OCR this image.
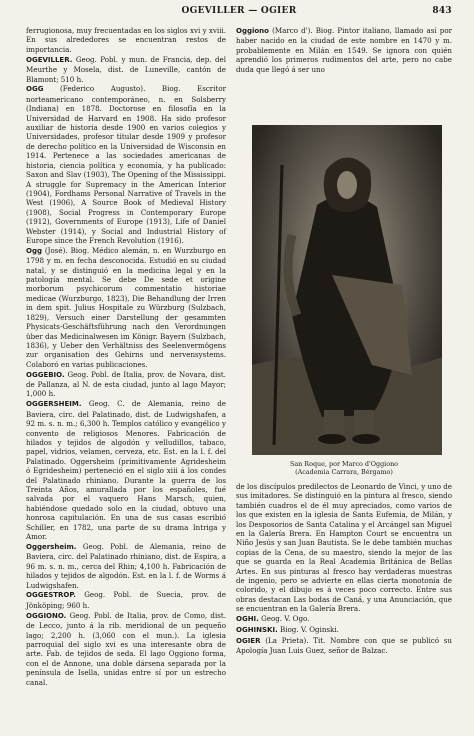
OGEVILLER — OGIER	843

ferrugionosa, muy frecuentadas en los siglos xvi y xviii. En sus alrededores se encuentran restos de importancia.

OGEVILLER. Geog. Pobl. y mun. de Francia, dep. del Meurthe y Mosela, dist. de Luneville, cantón de Blamont; 510 h.

OGG (Federico Augusto). Biog. Escritor norteamericano contemporáneo, n. en Solsberry (Indiana) en 1878. Doctorose en filosofía en la Universidad de Harvard en 1908. Ha sido profesor auxiliar de historia desde 1900 en varios colegios y Universidades, profesor titular desde 1909 y profesor de derecho político en la Universidad de Wisconsin en 1914. Pertenece a las sociedades americanas de historia, ciencia política y economía, y ha publicado: Saxon and Slav (1903), The Opening of the Mississippi. A struggle for Supremacy in the American Interior (1904), Fordhams Personal Narrative of Travels in the West (1906), A Source Book of Medieval History (1908), Social Progress in Contemporary Europe (1912), Governments of Europe (1913), Life of Daniel Webster (1914), y Social and Industrial History of Europe since the French Revolution (1916).

Ogg (José). Biog. Médico alemán, n. en Wurzburgo en 1798 y m. en fecha desconocida. Estudió en su ciudad natal, y se distinguió en la medicina legal y en la patología mental. Se debe De sede et origine morborum psychicorum commentatio historiae medicae (Wurzburgo, 1823), Die Behandlung der Irren in dem spit. Julius Hospitale zu Würzburg (Sulzbach, 1829), Versuch einer Darstellung der gesammten Physicats-Geschäftsführung nach den Verordnungen über das Medicinalwesen im Königr. Bayern (Sulzbach, 1836), y Ueber den Verhältniss des Seelenvermögens zur organisation des Gehirns und nervensystems. Colaboró en varias publicaciones.

OGGEBIO. Geog. Pobl. de Italia, prov. de Novara, dist. de Pallanza, al N. de esta ciudad, junto al lago Mayor; 1,000 h.

OGGERSHEIM. Geog. C. de Alemania, reino de Baviera, circ. del Palatinado, dist. de Ludwigshafen, a 92 m. s. n. m.; 6,300 h. Templos católico y evangélico y convento de religiosos Menores. Fabricación de hilados y tejidos de algodón y velludillos, tabaco, papel, vidrios, velamen, cerveza, etc. Est. en la l. f. del Palatinado. Oggersheim (primitivamente Agridesheim ó Egridesheim) perteneció en el siglo xiii á los condes del Palatinado rhiniano. Durante la guerra de los Treinta Años, amurallada por los españoles, fué salvada por el vaquero Hans Marsch, quien, habiéndose quedado solo en la ciudad, obtuvo una honrosa capitulación. En una de sus casas escribió Schiller, en 1782, una parte de su drama Intriga y Amor.

Oggersheim. Geog. Pobl. de Alemania, reino de Baviera, circ. del Palatinado rhiniano, dist. de Espira, a 96 m. s. n. m., cerca del Rhin; 4,100 h. Fabricación de hilados y tejidos de algodón. Est. en la l. f. de Worms á Ludwigshafen.

OGGESTROP. Geog. Pobl. de Suecia, prov. de Jönköping; 960 h.

OGGIONO. Geog. Pobl. de Italia, prov. de Como, dist. de Lecco, junto á la rib. meridional de un pequeño lago; 2,200 h. (3,060 con el mun.). La iglesia parroquial del siglo xvi es una interesante obra de arte. Fab. de tejidos de seda. El lago Oggiono forma, con el de Annone, una doble dársena separada por la península de Isella, unidas entre sí por un estrecho canal.

Oggiono (Marco d'). Biog. Pintor italiano, llamado así por haber nacido en la ciudad de este nombre en 1470 y m. probablemente en Milán en 1549. Se ignora con quién aprendió los primeros rudimentos del arte, pero no cabe duda que llegó á ser uno

San Roque, por Marco d'Oggiono
(Academia Carrara, Bérgamo)

de los discípulos predilectos de Leonardo de Vinci, y uno de sus imitadores. Se distinguió en la pintura al fresco, siendo también cuadros el de él muy apreciados, como varios de los que existen en la iglesia de Santa Eufemia, de Milán, y los Desposorios de Santa Catalina y el Arcángel san Miguel en la Galería Brera. En Hampton Court se encuentra un Niño Jesús y san Juan Bautista. Se le debe también muchas copias de la Cena, de su maestro, siendo la mejor de las que se guarda en la Real Academia Británica de Bellas Artes. En sus pinturas al fresco hay verdaderas muestras de ingenio, pero se advierte en ellas cierta monotonía de colorido, y el dibujo es á veces poco correcto. Entre sus obras destacan Las bodas de Caná, y una Anunciación, que se encuentran en la Galería Brera.

OGHI. Geog. V. Ogo.

OGHINSKI. Biog. V. Oginski.

OGIER (La Prieta). Tit. Nombre con que se publicó su Apología Juan Luis Guez, señor de Balzac.
